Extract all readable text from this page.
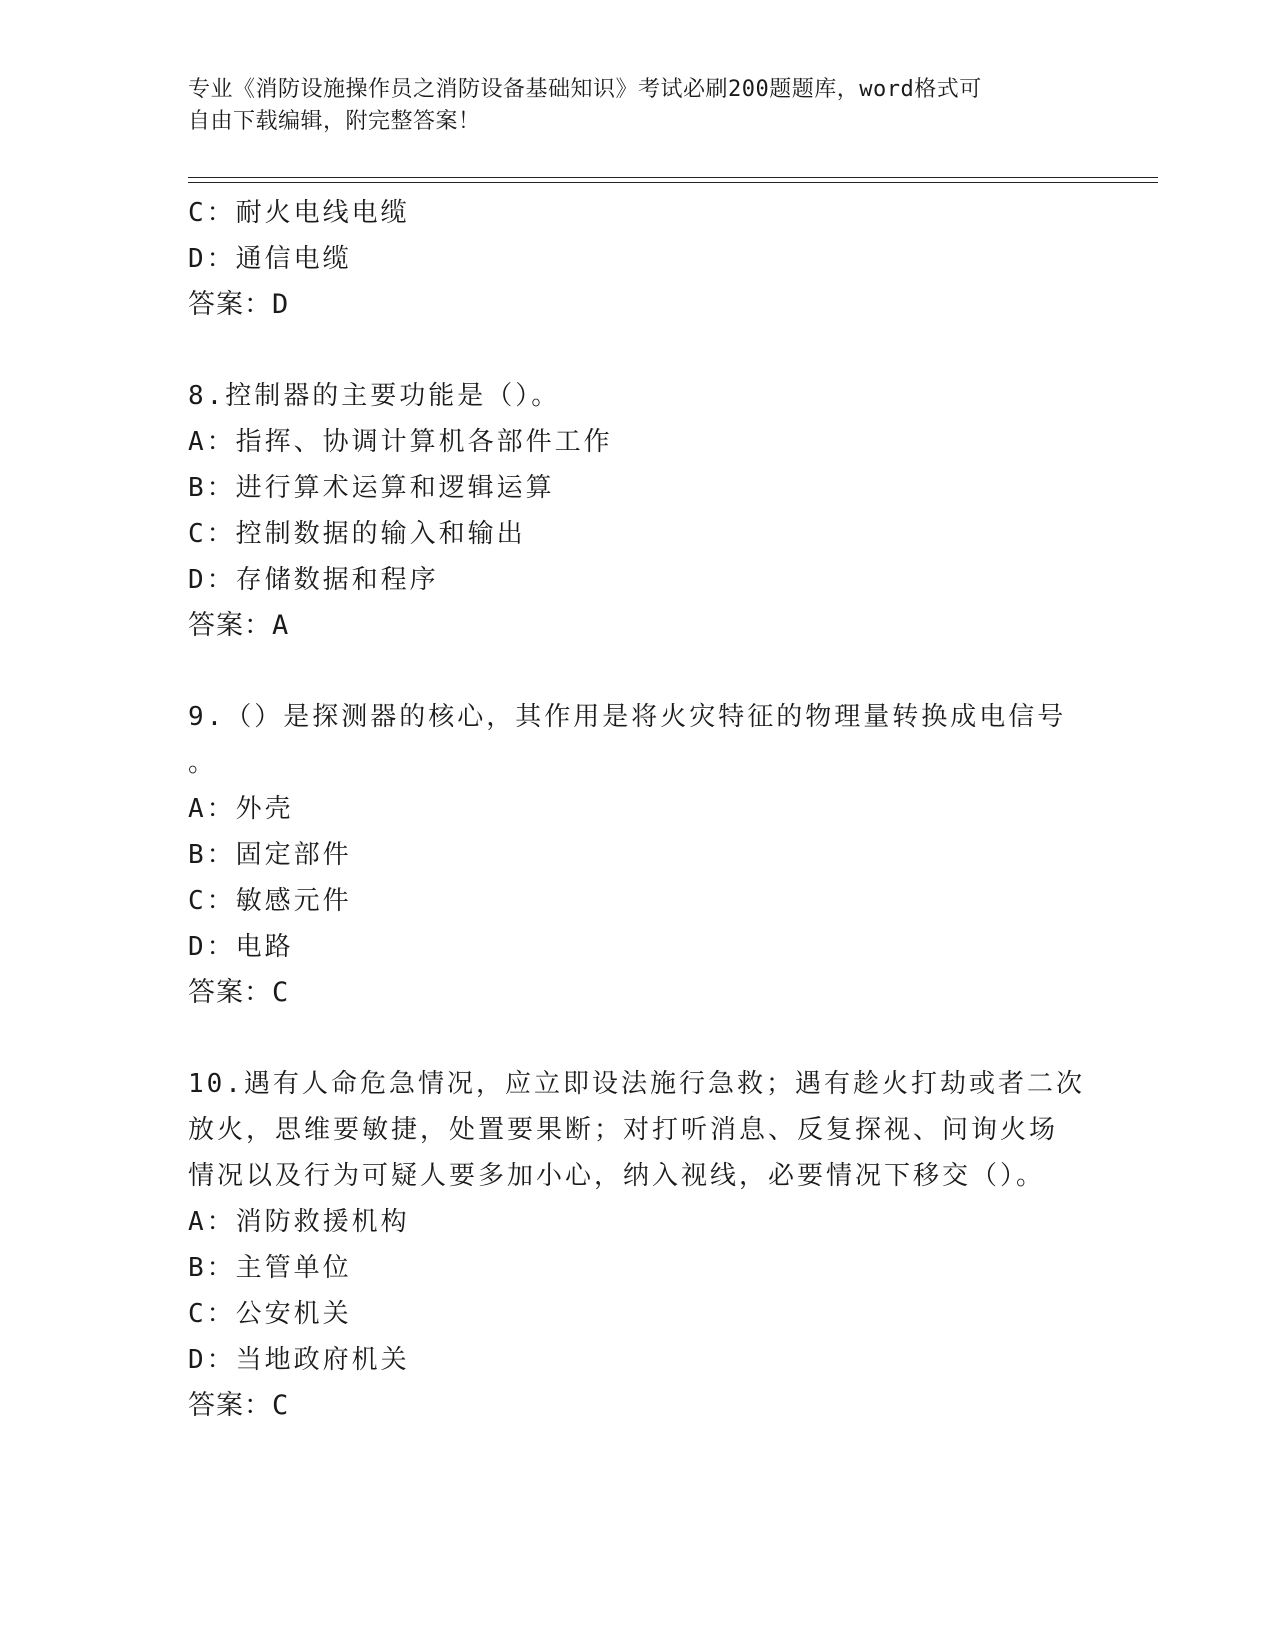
专业《消防设施操作员之消防设备基础知识》考试必刷200题题库，word格式可
自由下载编辑，附完整答案！
C：耐火电线电缆
D：通信电缆
答案：D
8.控制器的主要功能是（）。
A：指挥、协调计算机各部件工作
B：进行算术运算和逻辑运算
C：控制数据的输入和输出
D：存储数据和程序
答案：A
9.（）是探测器的核心，其作用是将火灾特征的物理量转换成电信号
。
A：外壳
B：固定部件
C：敏感元件
D：电路
答案：C
10.遇有人命危急情况，应立即设法施行急救；遇有趁火打劫或者二次
放火，思维要敏捷，处置要果断；对打听消息、反复探视、问询火场
情况以及行为可疑人要多加小心，纳入视线，必要情况下移交（）。
A：消防救援机构
B：主管单位
C：公安机关
D：当地政府机关
答案：C
